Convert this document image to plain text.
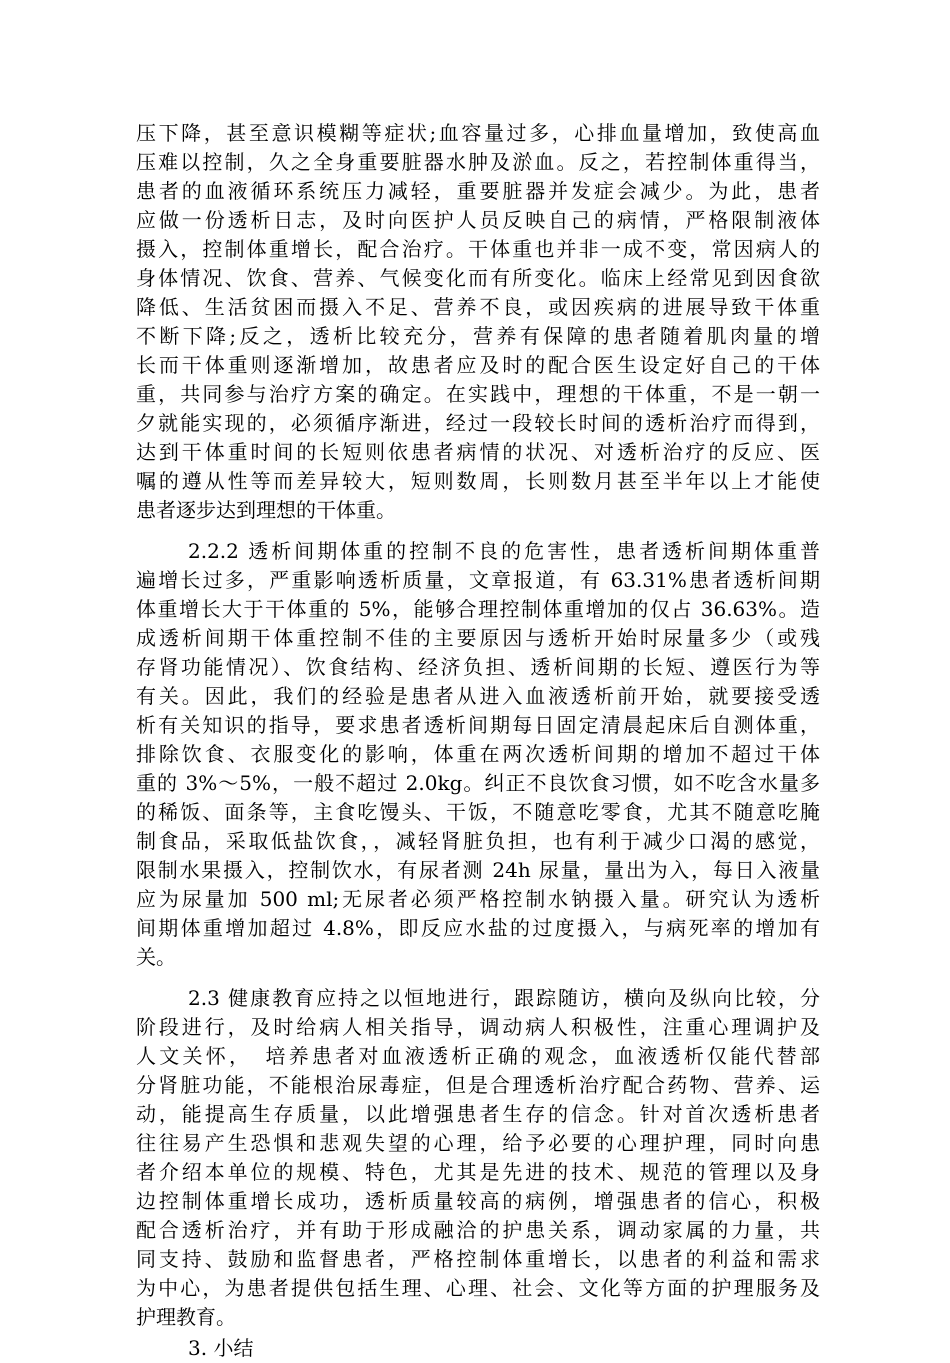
压下降，甚至意识模糊等症状;血容量过多，心排血量增加，致使高血
压难以控制，久之全身重要脏器水肿及淤血。反之，若控制体重得当，
患者的血液循环系统压力减轻，重要脏器并发症会减少。为此，患者
应做一份透析日志，及时向医护人员反映自己的病情，严格限制液体
摄入，控制体重增长，配合治疗。干体重也并非一成不变，常因病人的
身体情况、饮食、营养、气候变化而有所变化。临床上经常见到因食欲
降低、生活贫困而摄入不足、营养不良，或因疾病的进展导致干体重
不断下降;反之，透析比较充分，营养有保障的患者随着肌肉量的增
长而干体重则逐渐增加，故患者应及时的配合医生设定好自己的干体
重，共同参与治疗方案的确定。在实践中，理想的干体重，不是一朝一
夕就能实现的，必须循序渐进，经过一段较长时间的透析治疗而得到，
达到干体重时间的长短则依患者病情的状况、对透析治疗的反应、医
嘱的遵从性等而差异较大，短则数周，长则数月甚至半年以上才能使
患者逐步达到理想的干体重。
2.2.2 透析间期体重的控制不良的危害性，患者透析间期体重普
遍增长过多，严重影响透析质量，文章报道，有 63.31%患者透析间期
体重增长大于干体重的 5%，能够合理控制体重增加的仅占 36.63%。造
成透析间期干体重控制不佳的主要原因与透析开始时尿量多少（或残
存肾功能情况）、饮食结构、经济负担、透析间期的长短、遵医行为等
有关。因此，我们的经验是患者从进入血液透析前开始，就要接受透
析有关知识的指导，要求患者透析间期每日固定清晨起床后自测体重，
排除饮食、衣服变化的影响，体重在两次透析间期的增加不超过干体
重的 3%～5%，一般不超过 2.0kg。纠正不良饮食习惯，如不吃含水量多
的稀饭、面条等，主食吃馒头、干饭，不随意吃零食，尤其不随意吃腌
制食品，采取低盐饮食，，减轻肾脏负担，也有利于减少口渴的感觉，
限制水果摄入，控制饮水，有尿者测 24h 尿量，量出为入，每日入液量
应为尿量加 500 ml;无尿者必须严格控制水钠摄入量。研究认为透析
间期体重增加超过 4.8%，即反应水盐的过度摄入，与病死率的增加有
关。
2.3 健康教育应持之以恒地进行，跟踪随访，横向及纵向比较，分
阶段进行，及时给病人相关指导，调动病人积极性，注重心理调护及
人文关怀，　培养患者对血液透析正确的观念，血液透析仅能代替部
分肾脏功能，不能根治尿毒症，但是合理透析治疗配合药物、营养、运
动，能提高生存质量，以此增强患者生存的信念。针对首次透析患者
往往易产生恐惧和悲观失望的心理，给予必要的心理护理，同时向患
者介绍本单位的规模、特色，尤其是先进的技术、规范的管理以及身
边控制体重增长成功，透析质量较高的病例，增强患者的信心，积极
配合透析治疗，并有助于形成融洽的护患关系，调动家属的力量，共
同支持、鼓励和监督患者，严格控制体重增长，以患者的利益和需求
为中心，为患者提供包括生理、心理、社会、文化等方面的护理服务及
护理教育。
3. 小结
